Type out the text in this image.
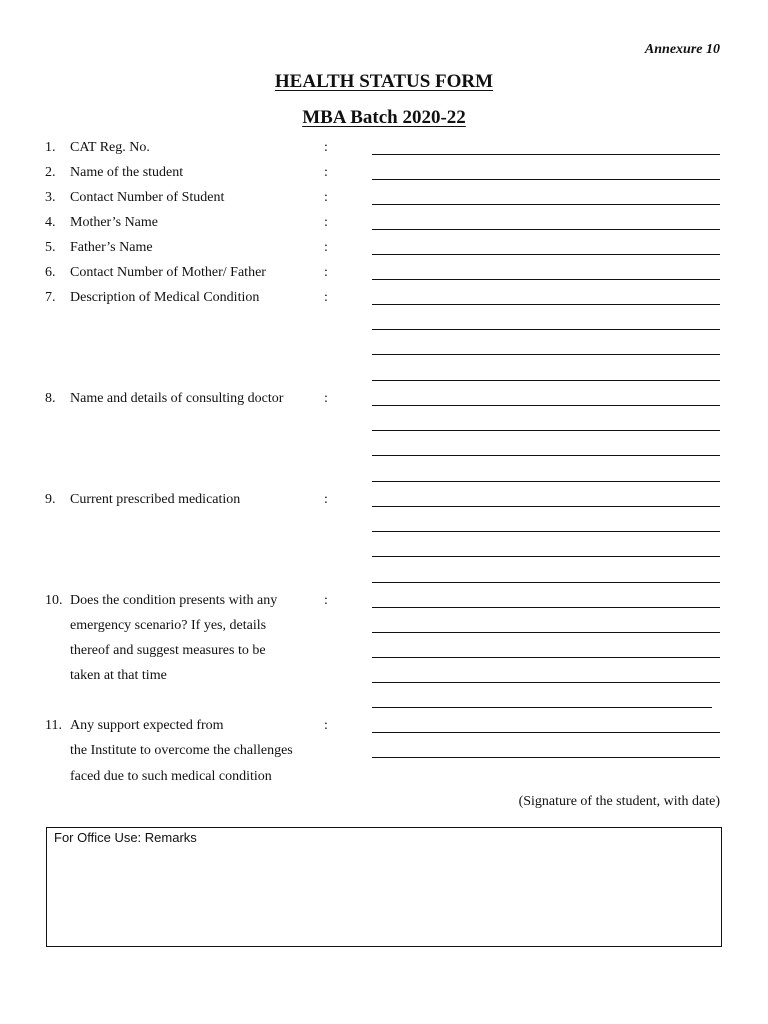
Annexure 10
HEALTH STATUS FORM
MBA Batch 2020-22
1. CAT Reg. No.	:
2. Name of the student	:
3. Contact Number of Student	:
4. Mother’s Name	:
5. Father’s Name	:
6. Contact Number of Mother/ Father	:
7. Description of Medical Condition	:
8. Name and details of consulting doctor	:
9. Current prescribed medication	:
10. Does the condition presents with any
emergency scenario? If yes, details
thereof and suggest measures to be
taken at that time
:
11. Any support expected from
the Institute to overcome the challenges
faced due to such medical condition
:
(Signature of the student, with date)
For Office Use: Remarks
